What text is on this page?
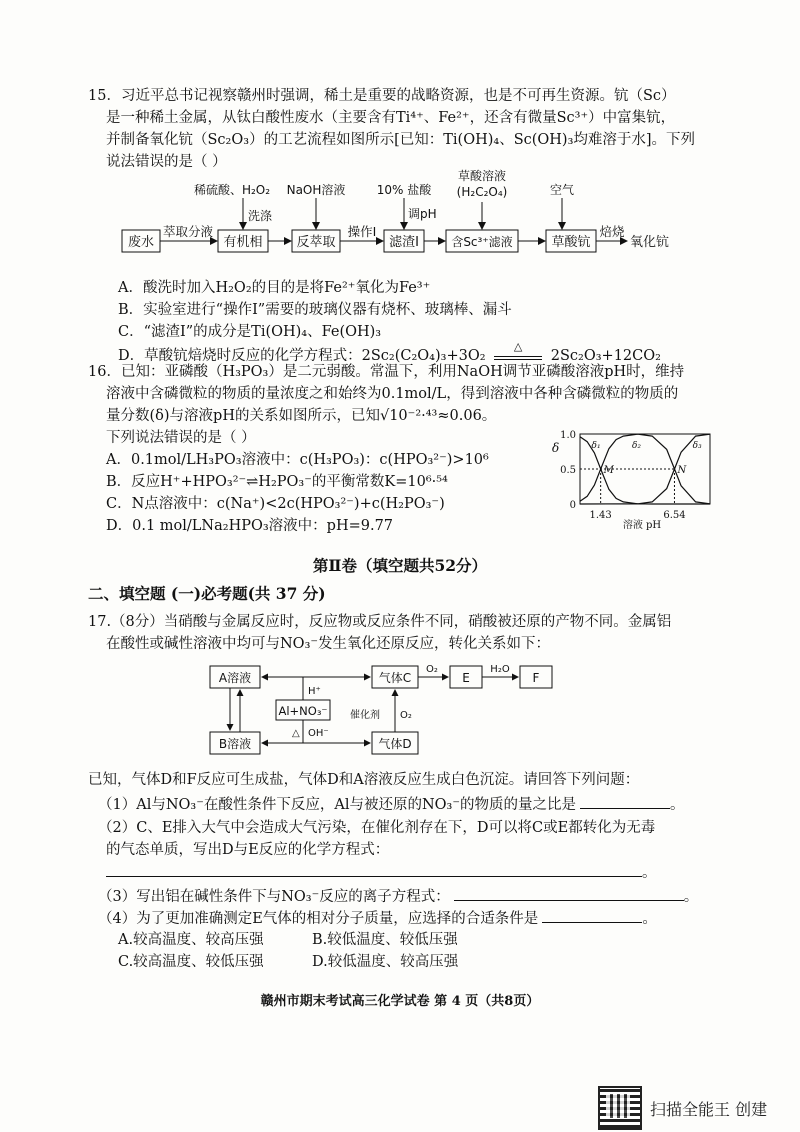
15．习近平总书记视察赣州时强调，稀土是重要的战略资源，也是不可再生资源。钪（Sc）
是一种稀土金属，从钛白酸性废水（主要含有Ti⁴⁺、Fe²⁺，还含有微量Sc³⁺）中富集钪，
并制备氧化钪（Sc₂O₃）的工艺流程如图所示[已知：Ti(OH)₄、Sc(OH)₃均难溶于水]。下列
说法错误的是（ ）
废水	有机相	反萃取	滤渣Ⅰ	含Sc³⁺滤液	草酸钪
萃取分液	操作Ⅰ	焙烧
氧化钪
稀硫酸、H₂O₂ NaOH溶液	10% 盐酸
草酸溶液
(H₂C₂O₄)	空气
洗涤	调pH
A．酸洗时加入H₂O₂的目的是将Fe²⁺氧化为Fe³⁺
B．实验室进行“操作Ⅰ”需要的玻璃仪器有烧杯、玻璃棒、漏斗
C．“滤渣Ⅰ”的成分是Ti(OH)₄、Fe(OH)₃
D．草酸钪焙烧时反应的化学方程式：2Sc₂(C₂O₄)₃+3O₂
△
2Sc₂O₃+12CO₂
16．已知：亚磷酸（H₃PO₃）是二元弱酸。常温下，利用NaOH调节亚磷酸溶液pH时，维持
溶液中含磷微粒的物质的量浓度之和始终为0.1mol/L，得到溶液中各种含磷微粒的物质的
量分数(δ)与溶液pH的关系如图所示，已知√10⁻²·⁴³≈0.06。
下列说法错误的是（ ）
A．0.1mol/LH₃PO₃溶液中：c(H₃PO₃)：c(HPO₃²⁻)>10⁶
B．反应H⁺+HPO₃²⁻⇌H₂PO₃⁻的平衡常数K=10⁶·⁵⁴
C．N点溶液中：c(Na⁺)<2c(HPO₃²⁻)+c(H₂PO₃⁻)
D．0.1 mol/LNa₂HPO₃溶液中：pH=9.77
δ
1.0
0.5
0
δ₁	δ₂	δ₃
M	N
1.43	6.54
溶液 pH
第Ⅱ卷（填空题共52分）
二、填空题 (一)必考题(共 37 分)
17.（8分）当硝酸与金属反应时，反应物或反应条件不同，硝酸被还原的产物不同。金属铝
在酸性或碱性溶液中均可与NO₃⁻发生氧化还原反应，转化关系如下：
A溶液
B溶液
Al+NO₃⁻
气体C
气体D
E	F
H⁺
△ OH⁻
催化剂 O₂
O₂	H₂O
已知，气体D和F反应可生成盐，气体D和A溶液反应生成白色沉淀。请回答下列问题：
（1）Al与NO₃⁻在酸性条件下反应，Al与被还原的NO₃⁻的物质的量之比是	。
（2）C、E排入大气中会造成大气污染，在催化剂存在下，D可以将C或E都转化为无毒
的气态单质，写出D与E反应的化学方程式：
。
（3）写出铝在碱性条件下与NO₃⁻反应的离子方程式：	。
（4）为了更加准确测定E气体的相对分子质量，应选择的合适条件是	。
A.较高温度、较高压强	B.较低温度、较低压强
C.较高温度、较低压强	D.较低温度、较高压强
赣州市期末考试高三化学试卷 第 4 页（共8页）
扫描全能王 创建
